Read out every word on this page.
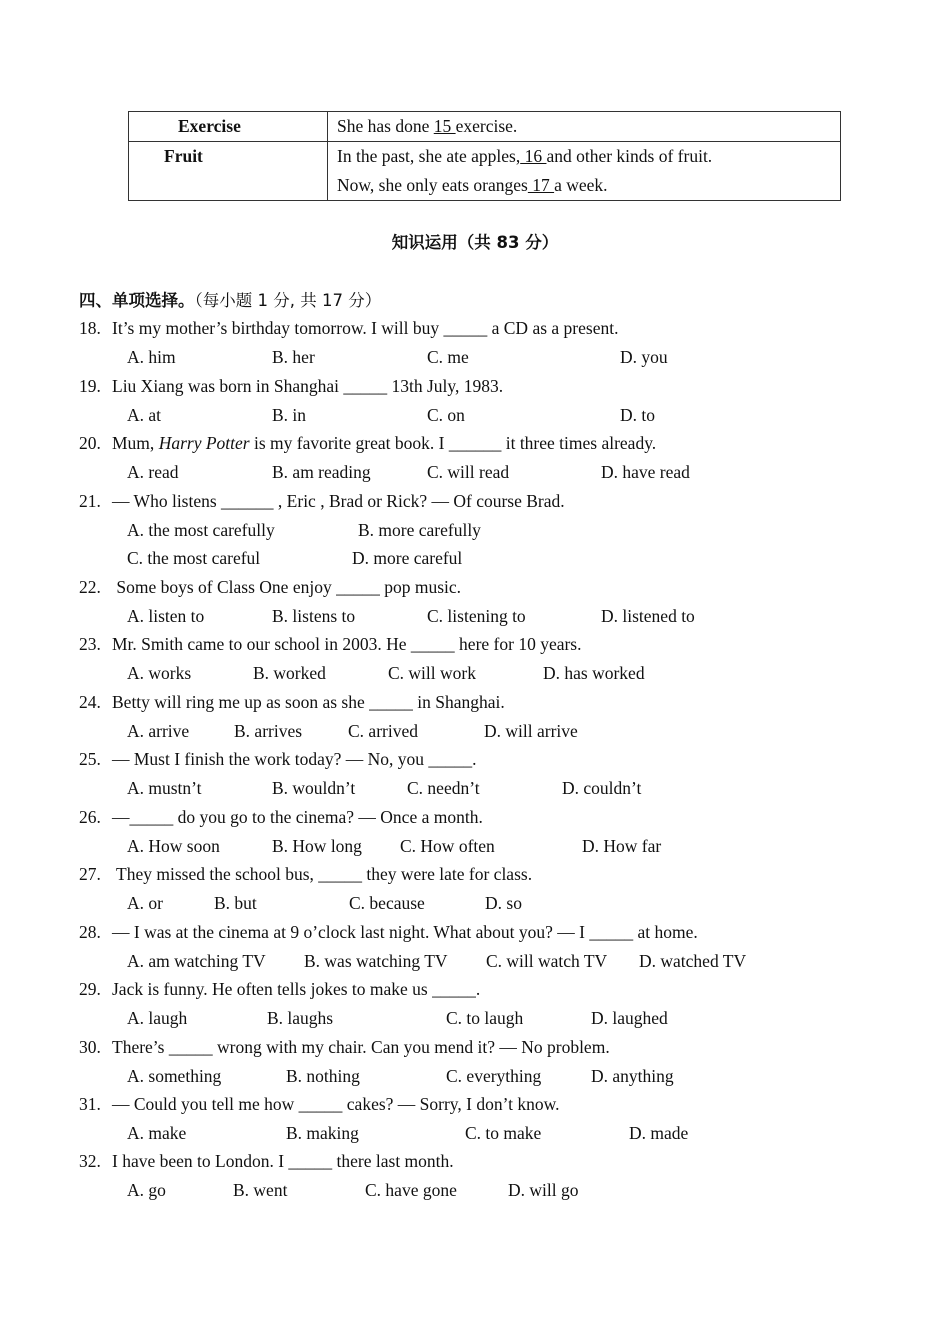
Exercise	She has done 15 exercise.

Fruit	In the past, she ate apples, 16 and other kinds of fruit.
Now, she only eats oranges 17 a week.
知识运用（共 83 分）
四、单项选择。（每小题 1 分, 共 17 分）
18. It’s my mother’s birthday tomorrow. I will buy _____ a CD as a present.
A. him	B. her	C. me	D. you
19. Liu Xiang was born in Shanghai _____ 13th July, 1983.
A. at	B. in	C. on	D. to
20. Mum, Harry Potter is my favorite great book. I ______ it three times already.
A. read	B. am reading	C. will read	D. have read
21. — Who listens ______ , Eric , Brad or Rick? — Of course Brad.
A. the most carefully	B. more carefully
C. the most careful	D. more careful
22. Some boys of Class One enjoy _____ pop music.
A. listen to	B. listens to	C. listening to	D. listened to
23. Mr. Smith came to our school in 2003. He _____ here for 10 years.
A. works	B. worked	C. will work	D. has worked
24. Betty will ring me up as soon as she _____ in Shanghai.
A. arrive	B. arrives	C. arrived	D. will arrive
25. — Must I finish the work today? — No, you _____.
A. mustn’t	B. wouldn’t	C. needn’t	D. couldn’t
26. —_____ do you go to the cinema? — Once a month.
A. How soon	B. How long C. How often	D. How far
27. They missed the school bus, _____ they were late for class.
A. or	B. but	C. because	D. so
28. — I was at the cinema at 9 o’clock last night. What about you? — I _____ at home.
A. am watching TV B. was watching TV C. will watch TV D. watched TV
29. Jack is funny. He often tells jokes to make us _____.
A. laugh	B. laughs	C. to laugh	D. laughed
30. There’s _____ wrong with my chair. Can you mend it? — No problem.
A. something	B. nothing	C. everything	D. anything
31. — Could you tell me how _____ cakes? — Sorry, I don’t know.
A. make	B. making	C. to make	D. made
32. I have been to London. I _____ there last month.
A. go	B. went	C. have gone	D. will go
